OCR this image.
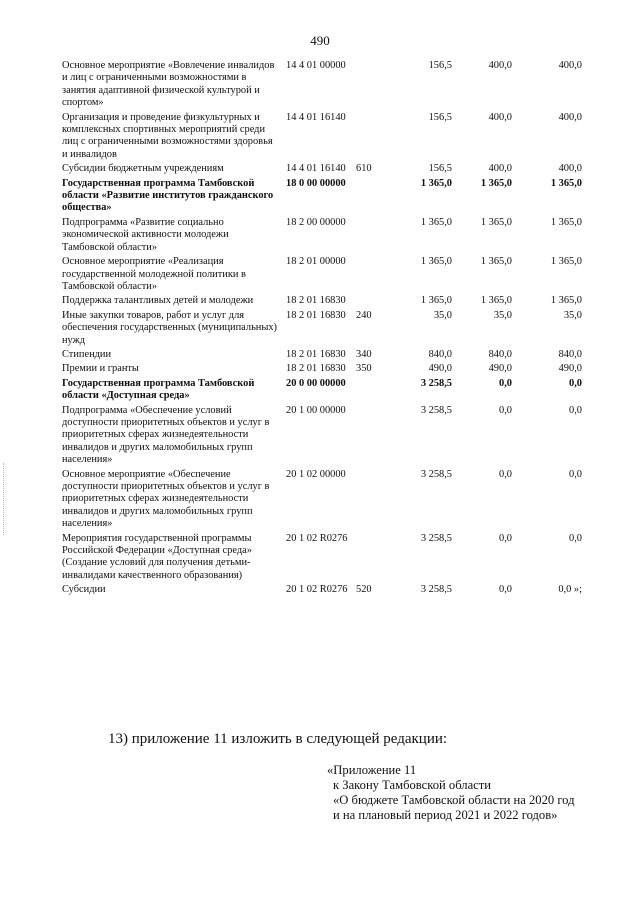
490
Основное мероприятие «Вовлечение инвалидов и лиц с ограниченными возможностями в занятия адаптивной физической культурой и спортом»	14 4 01 00000		156,5	400,0	400,0
Организация и проведение физкультурных и комплексных спортивных мероприятий среди лиц с ограниченными возможностями здоровья и инвалидов	14 4 01 16140		156,5	400,0	400,0
Субсидии бюджетным учреждениям	14 4 01 16140	610	156,5	400,0	400,0
Государственная программа Тамбовской области «Развитие институтов гражданского общества»	18 0 00 00000		1 365,0	1 365,0	1 365,0
Подпрограмма «Развитие социально экономической активности молодежи Тамбовской области»	18 2 00 00000		1 365,0	1 365,0	1 365,0
Основное мероприятие «Реализация государственной молодежной политики в Тамбовской области»	18 2 01 00000		1 365,0	1 365,0	1 365,0
Поддержка талантливых детей и молодежи	18 2 01 16830		1 365,0	1 365,0	1 365,0
Иные закупки товаров, работ и услуг для обеспечения государственных (муниципальных) нужд	18 2 01 16830	240	35,0	35,0	35,0
Стипендии	18 2 01 16830	340	840,0	840,0	840,0
Премии и гранты	18 2 01 16830	350	490,0	490,0	490,0
Государственная программа Тамбовской области «Доступная среда»	20 0 00 00000		3 258,5	0,0	0,0
Подпрограмма «Обеспечение условий доступности приоритетных объектов и услуг в приоритетных сферах жизнедеятельности инвалидов и других маломобильных групп населения»	20 1 00 00000		3 258,5	0,0	0,0
Основное мероприятие «Обеспечение доступности приоритетных объектов и услуг в приоритетных сферах жизнедеятельности инвалидов и других маломобильных групп населения»	20 1 02 00000		3 258,5	0,0	0,0
Мероприятия государственной программы Российской Федерации «Доступная среда» (Создание условий для получения детьми-инвалидами качественного образования)	20 1 02 R0276		3 258,5	0,0	0,0
Субсидии	20 1 02 R0276	520	3 258,5	0,0	0,0 »;
13) приложение 11 изложить в следующей редакции:
«Приложение 11
к Закону Тамбовской области
«О бюджете Тамбовской области на 2020 год
и на плановый период 2021 и 2022 годов»
